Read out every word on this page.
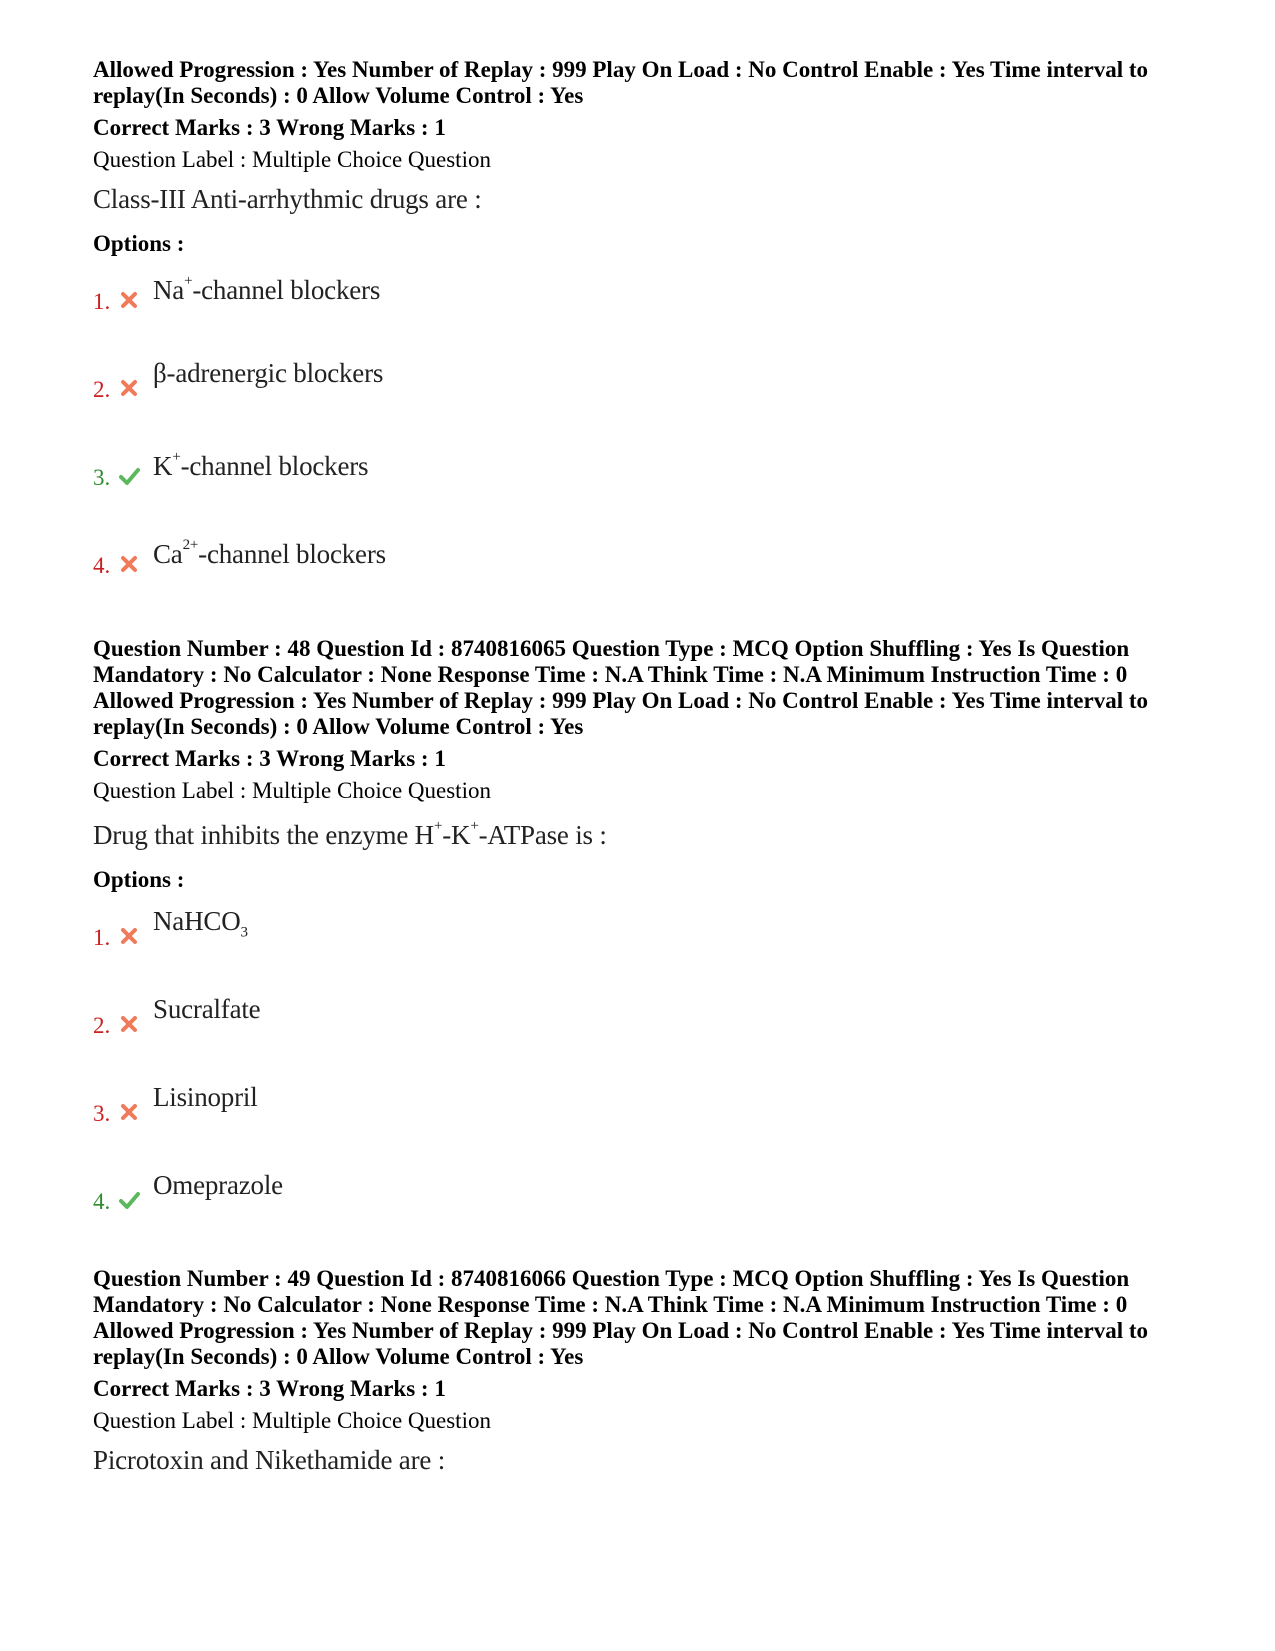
Allowed Progression : Yes Number of Replay : 999 Play On Load : No Control Enable : Yes Time interval to replay(In Seconds) : 0 Allow Volume Control : Yes

Correct Marks : 3 Wrong Marks : 1
Question Label : Multiple Choice Question
Class-III Anti-arrhythmic drugs are :
Options :
1. Na+-channel blockers
2.
β-adrenergic blockers
3. K+-channel blockers
4. $Ca^{2+}$-channel blockers

Question Number : 48 Question Id : 8740816065 Question Type : MCQ Option Shuffling : Yes Is Question Mandatory : No Calculator : None Response Time : N.A Think Time : N.A Minimum Instruction Time : 0 Allowed Progression : Yes Number of Replay : 999 Play On Load : No Control Enable : Yes Time interval to replay(In Seconds) : 0 Allow Volume Control : Yes

Correct Marks : 3 Wrong Marks : 1
Question Label : Multiple Choice Question
Drug that inhibits the enzyme H+-K+-ATPase is :
Options :
1.
NaHCO$_3$
2.
Sucralfate
3.
Lisinopril
4.
Omeprazole

Question Number : 49 Question Id : 8740816066 Question Type : MCQ Option Shuffling : Yes Is Question Mandatory : No Calculator : None Response Time : N.A Think Time : N.A Minimum Instruction Time : 0 Allowed Progression : Yes Number of Replay : 999 Play On Load : No Control Enable : Yes Time interval to replay(In Seconds) : 0 Allow Volume Control : Yes

Correct Marks : 3 Wrong Marks : 1
Question Label : Multiple Choice Question
Picrotoxin and Nikethamide are :
